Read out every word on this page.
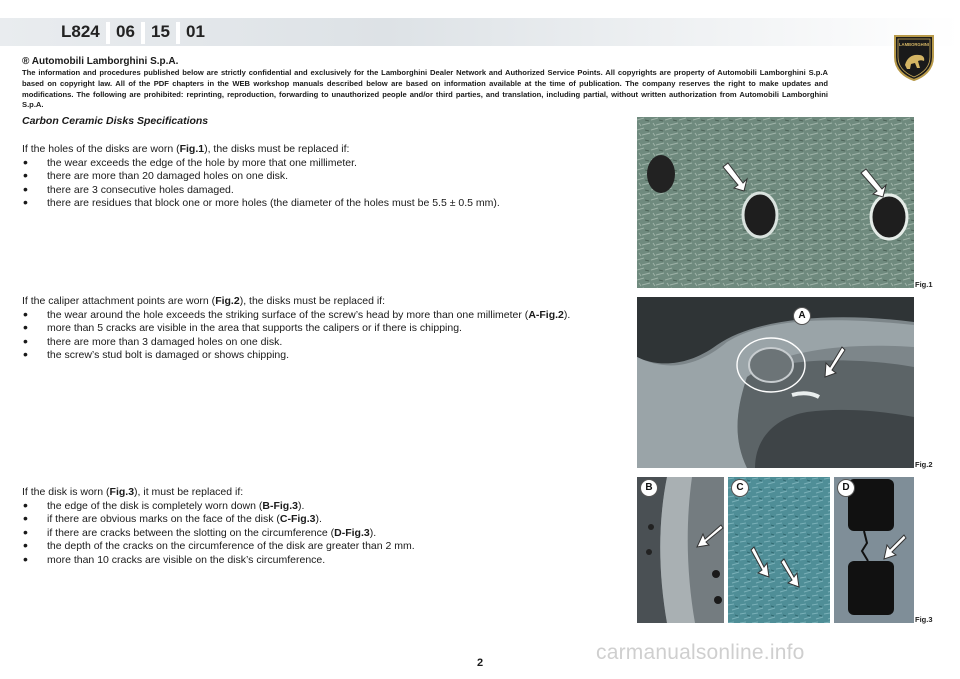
L824 06 15 01
LAMBORGHINI
® Automobili Lamborghini S.p.A.
The information and procedures published below are strictly confidential and exclusively for the Lamborghini Dealer Network and Authorized Service Points. All copyrights are property of Automobili Lamborghini S.p.A based on copyright law. All of the PDF chapters in the WEB workshop manuals described below are based on information available at the time of publication. The company reserves the right to make updates and modifications. The following are prohibited: reprinting, reproduction, forwarding to unauthorized people and/or third parties, and translation, including partial, without written authorization from Automobili Lamborghini S.p.A.
Carbon Ceramic Disks Specifications
If the holes of the disks are worn (Fig.1), the disks must be replaced if:
• the wear exceeds the edge of the hole by more that one millimeter.
• there are more than 20 damaged holes on one disk.
• there are 3 consecutive holes damaged.
• there are residues that block one or more holes (the diameter of the holes must be 5.5 ± 0.5 mm).
If the caliper attachment points are worn (Fig.2), the disks must be replaced if:
• the wear around the hole exceeds the striking surface of the screw’s head by more than one millimeter (A-Fig.2).
• more than 5 cracks are visible in the area that supports the calipers or if there is chipping.
• there are more than 3 damaged holes on one disk.
• the screw’s stud bolt is damaged or shows chipping.
If the disk is worn (Fig.3), it must be replaced if:
• the edge of the disk is completely worn down (B-Fig.3).
• if there are obvious marks on the face of the disk (C-Fig.3).
• if there are cracks between the slotting on the circumference (D-Fig.3).
• the depth of the cracks on the circumference of the disk are greater than 2 mm.
• more than 10 cracks are visible on the disk’s circumference.
Fig.1
A
Fig.2
B	C	D
Fig.3
2	carmanualsonline.info
